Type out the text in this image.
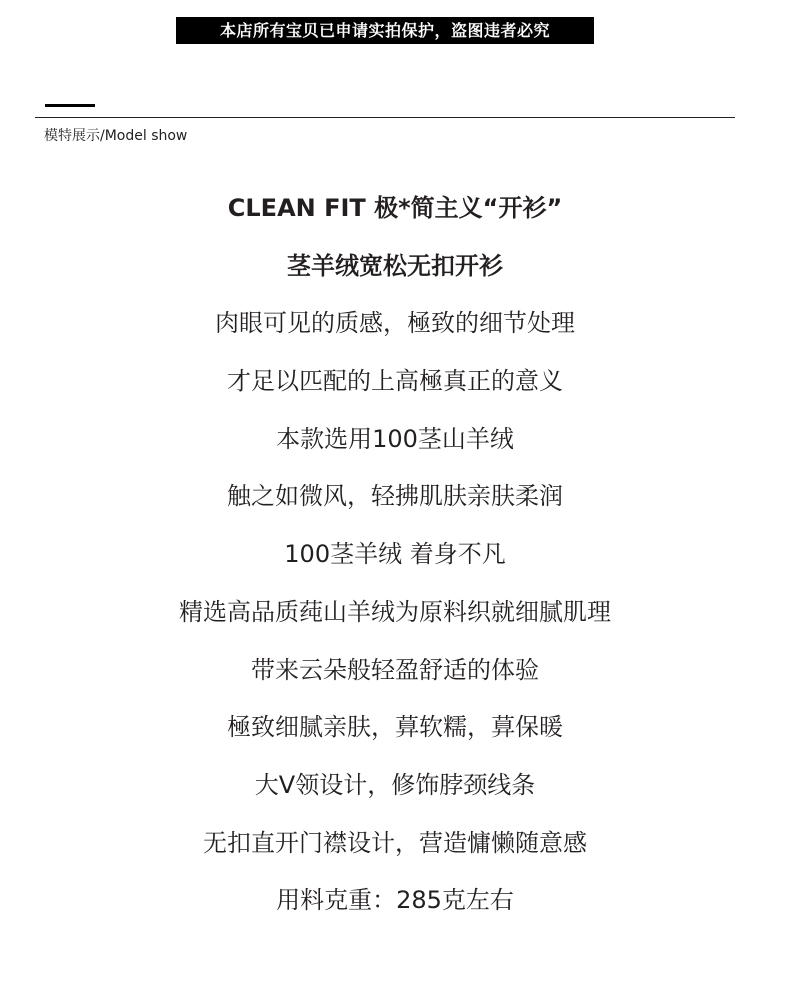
本店所有宝贝已申请实拍保护，盗图违者必究
模特展示/Model show
CLEAN FIT 极*简主义“开衫”
茎羊绒宽松无扣开衫
肉眼可见的质感，極致的细节处理
才足以匹配的上高極真正的意义
本款选用100茎山羊绒
触之如微风，轻拂肌肤亲肤柔润
100茎羊绒 着身不凡
精选高品质莼山羊绒为原料织就细腻肌理
带来云朵般轻盈舒适的体验
極致细腻亲肤，萛软糯，萛保暖
大V领设计，修饰脖颈线条
无扣直开门襟设计，营造慵懒随意感
用料克重：285克左右
